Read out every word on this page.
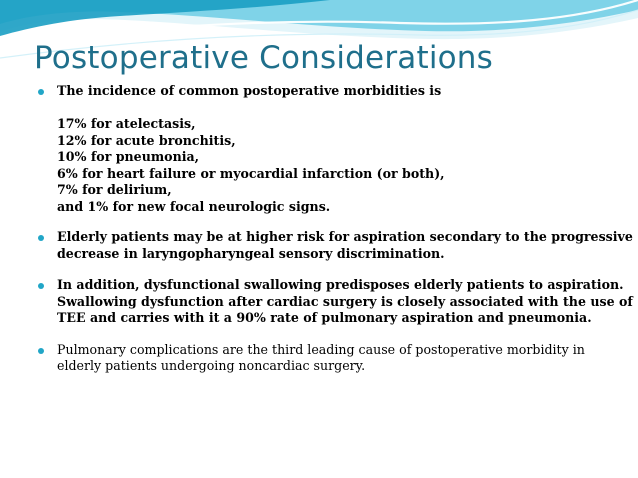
Postoperative Considerations
The incidence of common postoperative morbidities is
17% for atelectasis,
12% for acute bronchitis,
10% for pneumonia,
6% for heart failure or myocardial infarction (or both),
7% for delirium,
and 1% for new focal neurologic signs.
Elderly patients may be at higher risk for aspiration secondary to the progressive
decrease in laryngopharyngeal sensory discrimination.
In addition, dysfunctional swallowing predisposes elderly patients to aspiration.
Swallowing dysfunction after cardiac surgery is closely associated with the use of
TEE and carries with it a 90% rate of pulmonary aspiration and pneumonia.
Pulmonary complications are the third leading cause of postoperative morbidity in
elderly patients undergoing noncardiac surgery.
